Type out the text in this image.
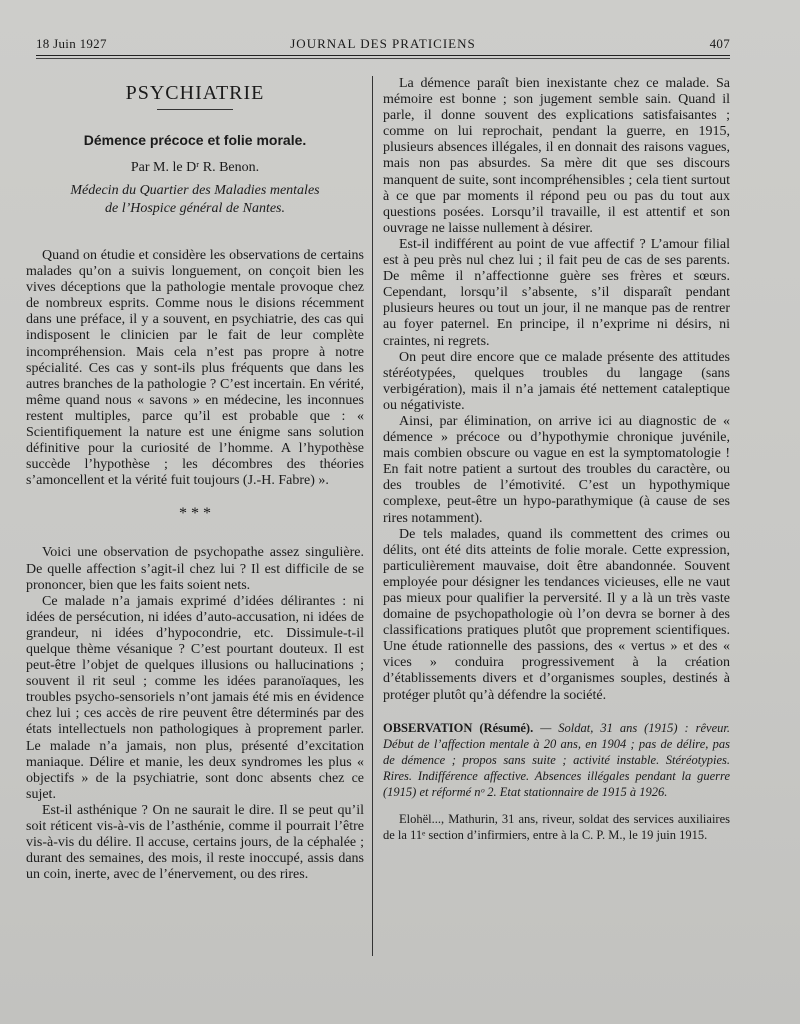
18 Juin 1927	JOURNAL DES PRATICIENS	407
PSYCHIATRIE
Démence précoce et folie morale.
Par M. le Dʳ R. Benon.
Médecin du Quartier des Maladies mentales
de l’Hospice général de Nantes.

Quand on étudie et considère les observations de certains malades qu’on a suivis longuement, on conçoit bien les vives déceptions que la pathologie mentale provoque chez de nombreux esprits. Comme nous le disions récemment dans une préface, il y a souvent, en psychiatrie, des cas qui indisposent le clinicien par le fait de leur complète incompréhension. Mais cela n’est pas propre à notre spécialité. Ces cas y sont-ils plus fréquents que dans les autres branches de la pathologie ? C’est incertain. En vérité, même quand nous « savons » en médecine, les inconnues restent multiples, parce qu’il est probable que : « Scientifiquement la nature est une énigme sans solution définitive pour la curiosité de l’homme. A l’hypothèse succède l’hypothèse ; les décombres des théories s’amoncellent et la vérité fuit toujours (J.-H. Fabre) ».

* * *

Voici une observation de psychopathe assez singulière. De quelle affection s’agit-il chez lui ? Il est difficile de se prononcer, bien que les faits soient nets.

Ce malade n’a jamais exprimé d’idées délirantes : ni idées de persécution, ni idées d’auto-accusation, ni idées de grandeur, ni idées d’hypocondrie, etc. Dissimule-t-il quelque thème vésanique ? C’est pourtant douteux. Il est peut-être l’objet de quelques illusions ou hallucinations ; souvent il rit seul ; comme les idées paranoïaques, les troubles psycho-sensoriels n’ont jamais été mis en évidence chez lui ; ces accès de rire peuvent être déterminés par des états intellectuels non pathologiques à proprement parler. Le malade n’a jamais, non plus, présenté d’excitation maniaque. Délire et manie, les deux syndromes les plus « objectifs » de la psychiatrie, sont donc absents chez ce sujet.

Est-il asthénique ? On ne saurait le dire. Il se peut qu’il soit réticent vis-à-vis de l’asthénie, comme il pourrait l’être vis-à-vis du délire. Il accuse, certains jours, de la céphalée ; durant des semaines, des mois, il reste inoccupé, assis dans un coin, inerte, avec de l’énervement, ou des rires.

La démence paraît bien inexistante chez ce malade. Sa mémoire est bonne ; son jugement semble sain. Quand il parle, il donne souvent des explications satisfaisantes ; comme on lui reprochait, pendant la guerre, en 1915, plusieurs absences illégales, il en donnait des raisons vagues, mais non pas absurdes. Sa mère dit que ses discours manquent de suite, sont incompréhensibles ; cela tient surtout à ce que par moments il répond peu ou pas du tout aux questions posées. Lorsqu’il travaille, il est attentif et son ouvrage ne laisse nullement à désirer.

Est-il indifférent au point de vue affectif ? L’amour filial est à peu près nul chez lui ; il fait peu de cas de ses parents. De même il n’affectionne guère ses frères et sœurs. Cependant, lorsqu’il s’absente, s’il disparaît pendant plusieurs heures ou tout un jour, il ne manque pas de rentrer au foyer paternel. En principe, il n’exprime ni désirs, ni craintes, ni regrets.

On peut dire encore que ce malade présente des attitudes stéréotypées, quelques troubles du langage (sans verbigération), mais il n’a jamais été nettement cataleptique ou négativiste.

Ainsi, par élimination, on arrive ici au diagnostic de « démence » précoce ou d’hypothymie chronique juvénile, mais combien obscure ou vague en est la symptomatologie ! En fait notre patient a surtout des troubles du caractère, ou des troubles de l’émotivité. C’est un hypothymique complexe, peut-être un hypo-parathymique (à cause de ses rires notamment).

De tels malades, quand ils commettent des crimes ou délits, ont été dits atteints de folie morale. Cette expression, particulièrement mauvaise, doit être abandonnée. Souvent employée pour désigner les tendances vicieuses, elle ne vaut pas mieux pour qualifier la perversité. Il y a là un très vaste domaine de psychopathologie où l’on devra se borner à des classifications pratiques plutôt que proprement scientifiques. Une étude rationnelle des passions, des « vertus » et des « vices » conduira progressivement à la création d’établissements divers et d’organismes souples, destinés à protéger plutôt qu’à défendre la société.

OBSERVATION (Résumé). — Soldat, 31 ans (1915) : rêveur. Début de l’affection mentale à 20 ans, en 1904 ; pas de délire, pas de démence ; propos sans suite ; activité instable. Stéréotypies. Rires. Indifférence affective. Absences illégales pendant la guerre (1915) et réformé nᵒ 2. Etat stationnaire de 1915 à 1926.
Elohël..., Mathurin, 31 ans, riveur, soldat des services auxiliaires de la 11ᵉ section d’infirmiers, entre à la C. P. M., le 19 juin 1915.
